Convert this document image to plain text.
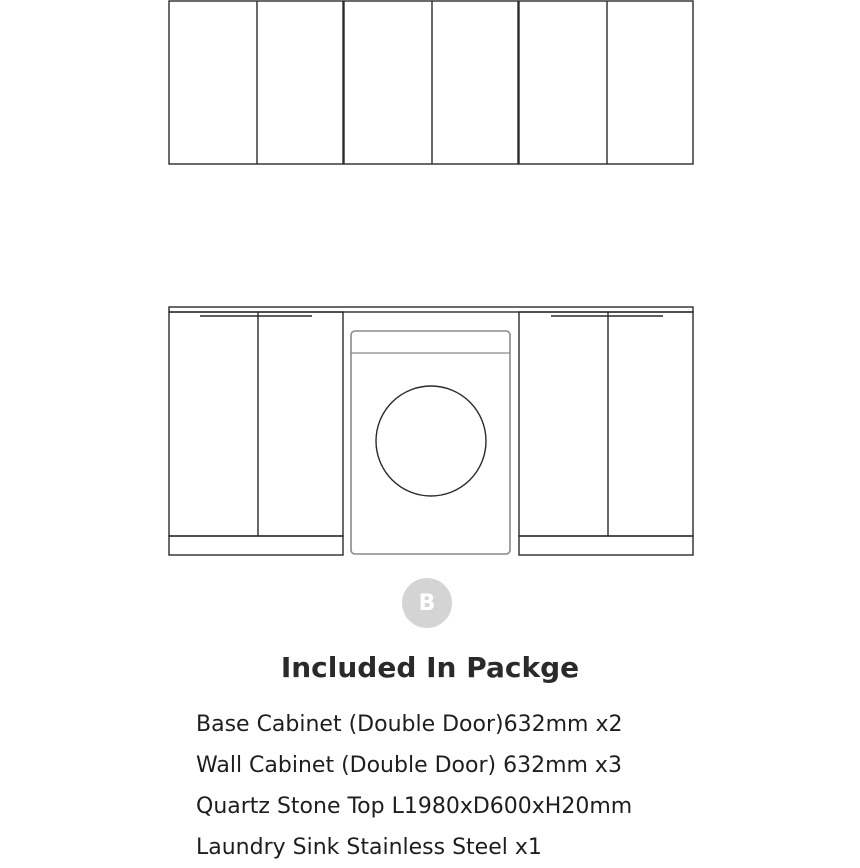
B
Included In Packge
Base Cabinet (Double Door)632mm x2
Wall Cabinet (Double Door) 632mm x3
Quartz Stone Top L1980xD600xH20mm
Laundry Sink Stainless Steel x1
